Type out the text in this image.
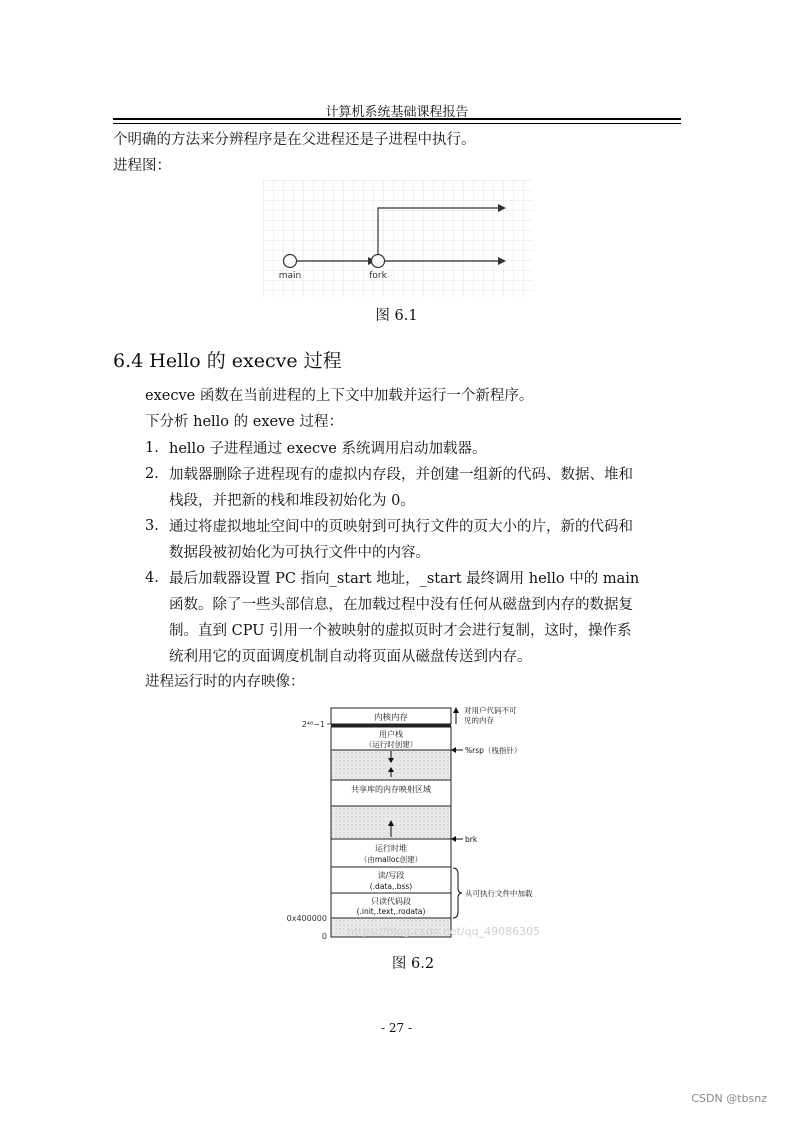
计算机系统基础课程报告
个明确的方法来分辨程序是在父进程还是子进程中执行。
进程图：
main	fork
图 6.1
6.4 Hello 的 execve 过程
execve 函数在当前进程的上下文中加载并运行一个新程序。
下分析 hello 的 exeve 过程：
1. hello 子进程通过 execve 系统调用启动加载器。
2. 加载器删除子进程现有的虚拟内存段，并创建一组新的代码、数据、堆和
栈段，并把新的栈和堆段初始化为 0。
3. 通过将虚拟地址空间中的页映射到可执行文件的页大小的片，新的代码和
数据段被初始化为可执行文件中的内容。
4. 最后加载器设置 PC 指向_start 地址，_start 最终调用 hello 中的 main
函数。除了一些头部信息，在加载过程中没有任何从磁盘到内存的数据复
制。直到 CPU 引用一个被映射的虚拟页时才会进行复制，这时，操作系
统利用它的页面调度机制自动将页面从磁盘传送到内存。
进程运行时的内存映像：
2⁴⁸−1
0x400000
0
内核内存
用户栈
（运行时创建）
共享库的内存映射区域
运行时堆
（由malloc创建）
读/写段
(.data,.bss)
只读代码段
(.init,.text,.rodata)
对用户代码不可
见的内存
%rsp（栈指针）
brk
从可执行文件中加载
https://blog.csdn.net/qq_49086305
图 6.2
- 27 -
CSDN @tbsnz
